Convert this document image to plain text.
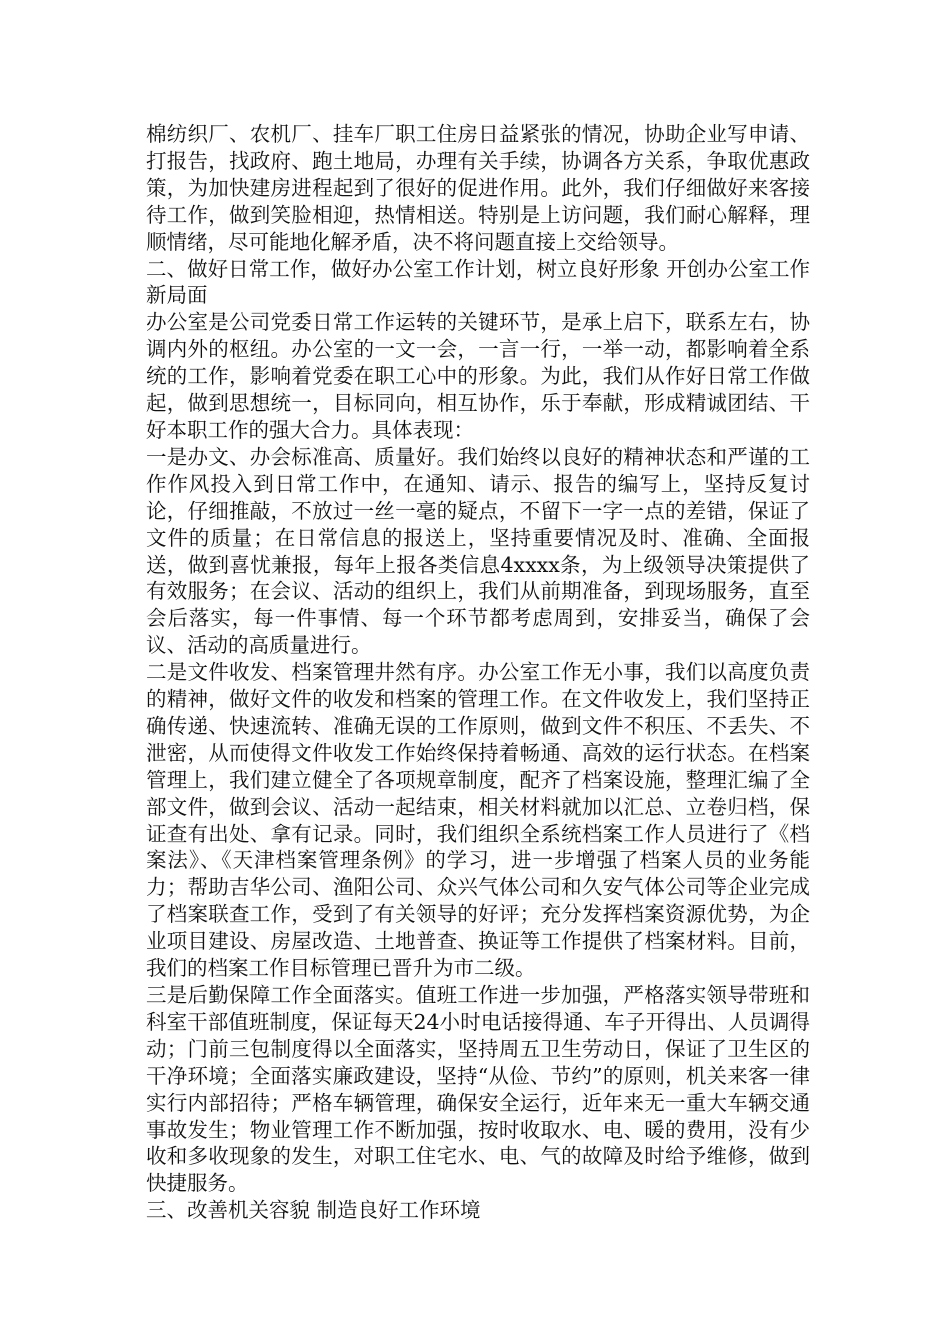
棉纺织厂、农机厂、挂车厂职工住房日益紧张的情况，协助企业写申请、打报告，找政府、跑土地局，办理有关手续，协调各方关系，争取优惠政策，为加快建房进程起到了很好的促进作用。此外，我们仔细做好来客接待工作，做到笑脸相迎，热情相送。特别是上访问题，我们耐心解释，理顺情绪，尽可能地化解矛盾，决不将问题直接上交给领导。

二、做好日常工作，做好办公室工作计划，树立良好形象 开创办公室工作新局面

办公室是公司党委日常工作运转的关键环节，是承上启下，联系左右，协调内外的枢纽。办公室的一文一会，一言一行，一举一动，都影响着全系统的工作，影响着党委在职工心中的形象。为此，我们从作好日常工作做起，做到思想统一，目标同向，相互协作，乐于奉献，形成精诚团结、干好本职工作的强大合力。具体表现：

一是办文、办会标准高、质量好。我们始终以良好的精神状态和严谨的工作作风投入到日常工作中，在通知、请示、报告的编写上，坚持反复讨论，仔细推敲，不放过一丝一毫的疑点，不留下一字一点的差错，保证了文件的质量；在日常信息的报送上，坚持重要情况及时、准确、全面报送，做到喜忧兼报，每年上报各类信息4xxxx条，为上级领导决策提供了有效服务；在会议、活动的组织上，我们从前期准备，到现场服务，直至会后落实，每一件事情、每一个环节都考虑周到，安排妥当，确保了会议、活动的高质量进行。

二是文件收发、档案管理井然有序。办公室工作无小事，我们以高度负责的精神，做好文件的收发和档案的管理工作。在文件收发上，我们坚持正确传递、快速流转、准确无误的工作原则，做到文件不积压、不丢失、不泄密，从而使得文件收发工作始终保持着畅通、高效的运行状态。在档案管理上，我们建立健全了各项规章制度，配齐了档案设施，整理汇编了全部文件，做到会议、活动一起结束，相关材料就加以汇总、立卷归档，保证查有出处、拿有记录。同时，我们组织全系统档案工作人员进行了《档案法》、《天津档案管理条例》的学习，进一步增强了档案人员的业务能力；帮助吉华公司、渔阳公司、众兴气体公司和久安气体公司等企业完成了档案联查工作，受到了有关领导的好评；充分发挥档案资源优势，为企业项目建设、房屋改造、土地普查、换证等工作提供了档案材料。目前，我们的档案工作目标管理已晋升为市二级。

三是后勤保障工作全面落实。值班工作进一步加强，严格落实领导带班和科室干部值班制度，保证每天24小时电话接得通、车子开得出、人员调得动；门前三包制度得以全面落实，坚持周五卫生劳动日，保证了卫生区的干净环境；全面落实廉政建设，坚持“从俭、节约”的原则，机关来客一律实行内部招待；严格车辆管理，确保安全运行，近年来无一重大车辆交通事故发生；物业管理工作不断加强，按时收取水、电、暖的费用，没有少收和多收现象的发生，对职工住宅水、电、气的故障及时给予维修，做到快捷服务。

三、改善机关容貌 制造良好工作环境
